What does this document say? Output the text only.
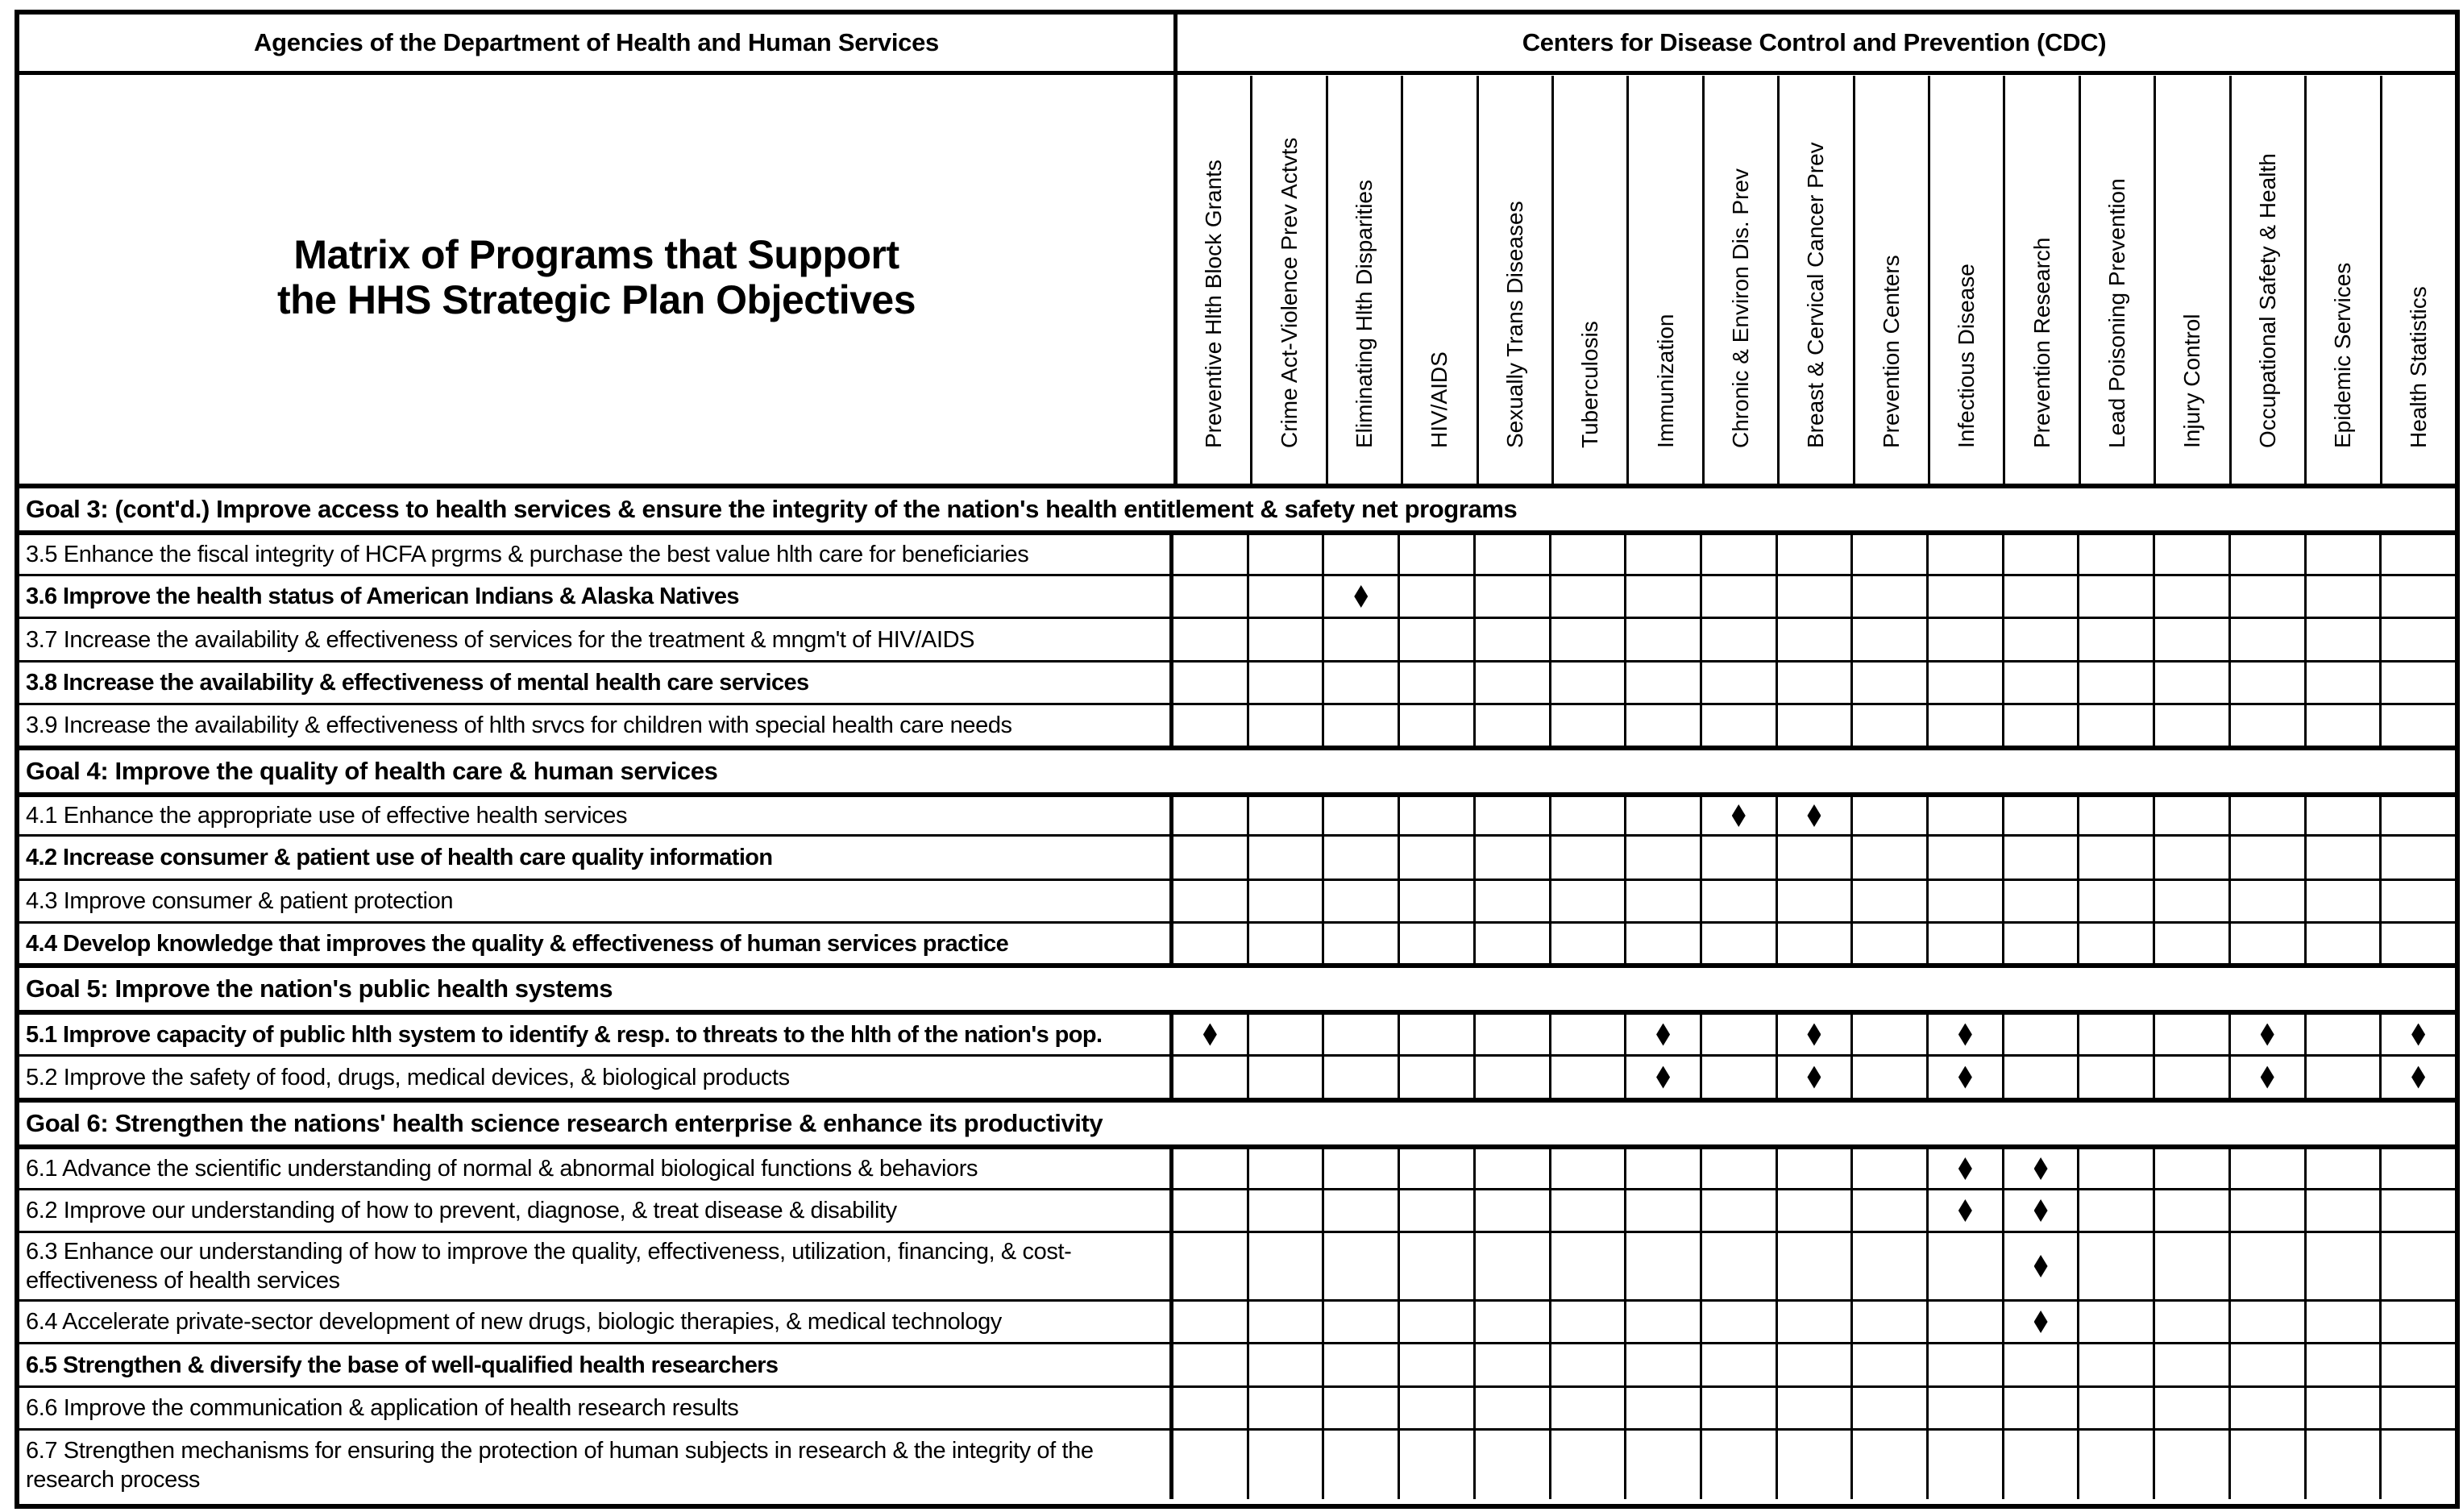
Agencies of the Department of Health and Human Services	Centers for Disease Control and Prevention (CDC)
Matrix of Programs that Support
the HHS Strategic Plan Objectives	Preventive Hlth Block Grants Crime Act-Violence Prev Actvts Eliminating Hlth Disparities HIV/AIDS Sexually Trans Diseases Tuberculosis Immunization Chronic & Environ Dis. Prev Breast & Cervical Cancer Prev Prevention Centers Infectious Disease Prevention Research Lead Poisoning Prevention Injury Control Occupational Safety & Health Epidemic Services Health Statistics
Goal 3: (cont'd.) Improve access to health services & ensure the integrity of the nation's health entitlement & safety net programs
3.5 Enhance the fiscal integrity of HCFA prgrms & purchase the best value hlth care for beneficiaries
3.6 Improve the health status of American Indians & Alaska Natives
3.7 Increase the availability & effectiveness of services for the treatment & mngm't of HIV/AIDS
3.8 Increase the availability & effectiveness of mental health care services
3.9 Increase the availability & effectiveness of hlth srvcs for children with special health care needs
Goal 4: Improve the quality of health care & human services
4.1 Enhance the appropriate use of effective health services
4.2 Increase consumer & patient use of health care quality information
4.3 Improve consumer & patient protection
4.4 Develop knowledge that improves the quality & effectiveness of human services practice
Goal 5: Improve the nation's public health systems
5.1 Improve capacity of public hlth system to identify & resp. to threats to the hlth of the nation's pop.
5.2 Improve the safety of food, drugs, medical devices, & biological products
Goal 6: Strengthen the nations' health science research enterprise & enhance its productivity
6.1 Advance the scientific understanding of normal & abnormal biological functions & behaviors
6.2 Improve our understanding of how to prevent, diagnose, & treat disease & disability
6.3 Enhance our understanding of how to improve the quality, effectiveness, utilization, financing, & cost-effectiveness of health services
6.4 Accelerate private-sector development of new drugs, biologic therapies, & medical technology
6.5 Strengthen & diversify the base of well-qualified health researchers
6.6 Improve the communication & application of health research results
6.7 Strengthen mechanisms for ensuring the protection of human subjects in research & the integrity of the research process
